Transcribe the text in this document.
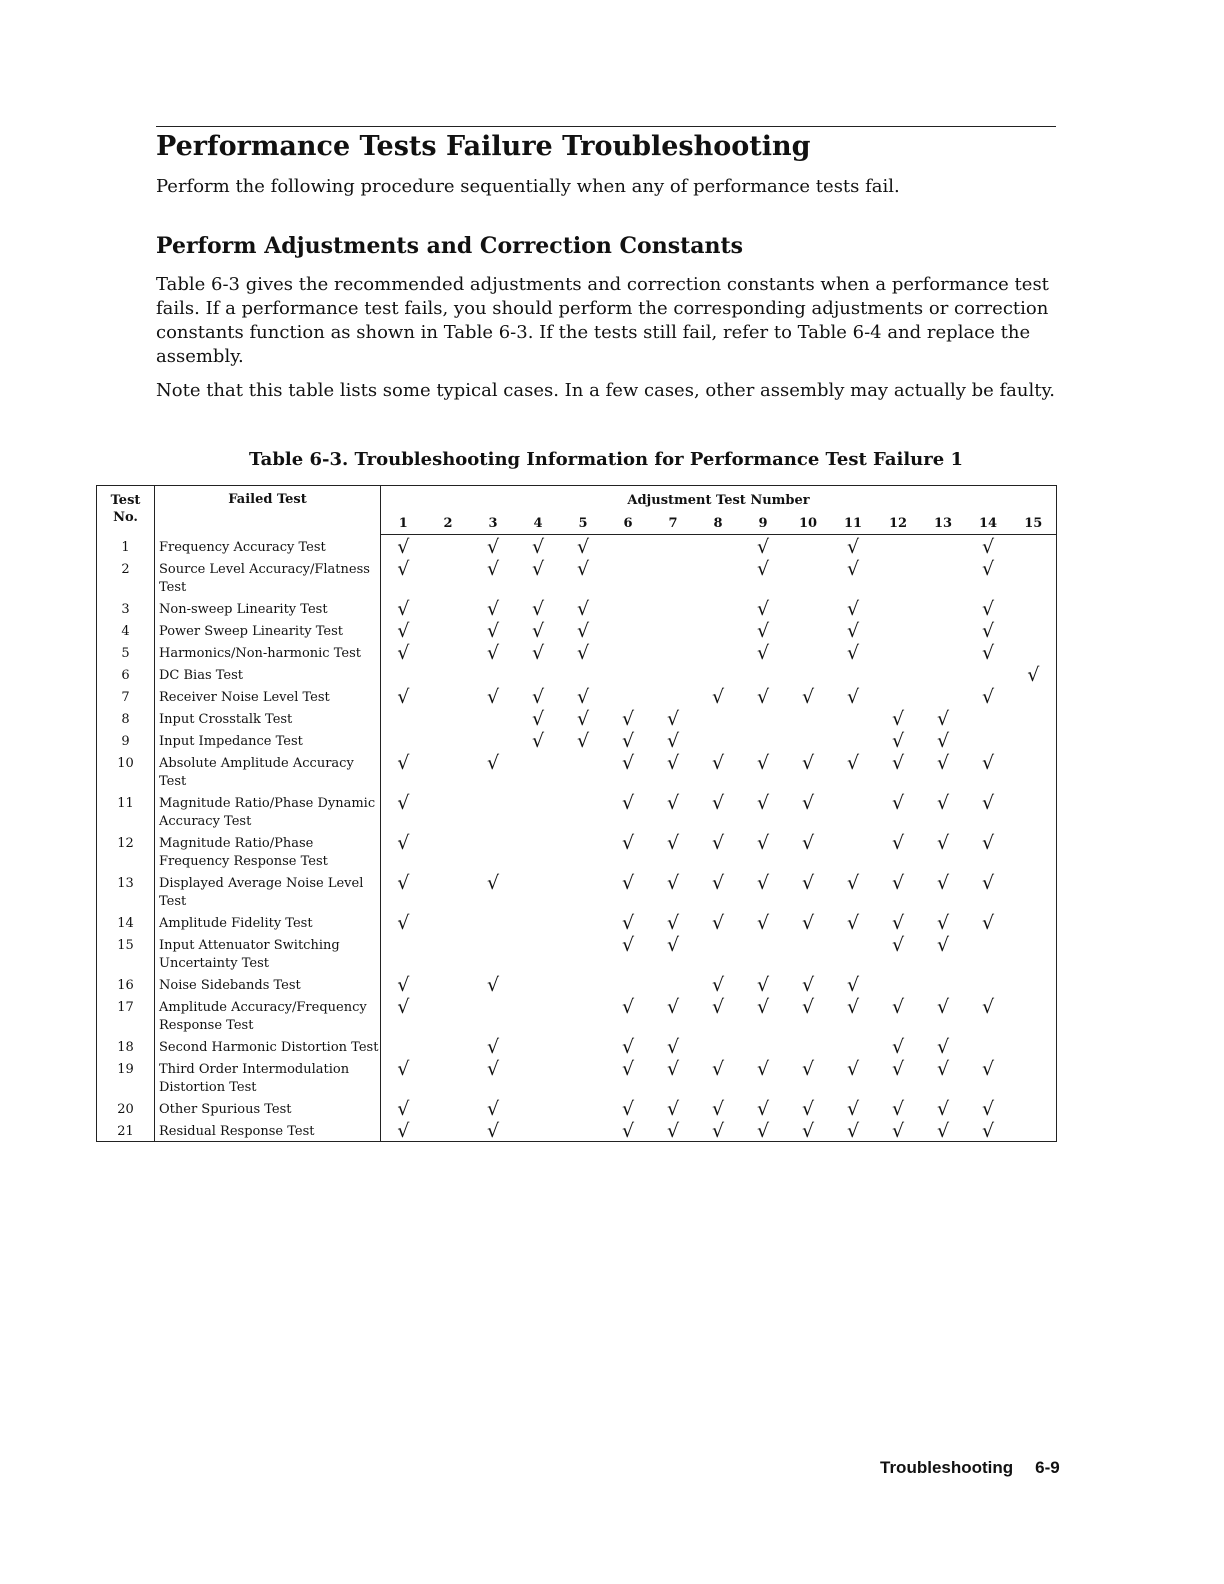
Performance Tests Failure Troubleshooting

Perform the following procedure sequentially when any of performance tests fail.

Perform Adjustments and Correction Constants

Table 6-3 gives the recommended adjustments and correction constants when a performance test fails. If a performance test fails, you should perform the corresponding adjustments or correction constants function as shown in Table 6-3. If the tests still fail, refer to Table 6-4 and replace the assembly.

Note that this table lists some typical cases. In a few cases, other assembly may actually be faulty.

Table 6-3. Troubleshooting Information for Performance Test Failure 1

Test No.	Failed Test	Adjustment Test Number														
		1	2	3	4	5	6	7	8	9	10	11	12	13	14	15
1	Frequency Accuracy Test	√		√	√	√				√		√			√	
2	Source Level Accuracy/Flatness Test	√		√	√	√				√		√			√	
3	Non-sweep Linearity Test	√		√	√	√				√		√			√	
4	Power Sweep Linearity Test	√		√	√	√				√		√			√	
5	Harmonics/Non-harmonic Test	√		√	√	√				√		√			√	
6	DC Bias Test															√
7	Receiver Noise Level Test	√		√	√	√			√	√	√	√			√	
8	Input Crosstalk Test				√	√	√	√					√	√		
9	Input Impedance Test				√	√	√	√					√	√		
10	Absolute Amplitude Accuracy Test	√		√			√	√	√	√	√	√	√	√	√	
11	Magnitude Ratio/Phase Dynamic Accuracy Test	√					√	√	√	√	√		√	√	√	
12	Magnitude Ratio/Phase Frequency Response Test	√					√	√	√	√	√		√	√	√	
13	Displayed Average Noise Level Test	√		√			√	√	√	√	√	√	√	√	√	
14	Amplitude Fidelity Test	√					√	√	√	√	√	√	√	√	√	
15	Input Attenuator Switching Uncertainty Test						√	√					√	√		
16	Noise Sidebands Test	√		√					√	√	√	√				
17	Amplitude Accuracy/Frequency Response Test	√					√	√	√	√	√	√	√	√	√	
18	Second Harmonic Distortion Test			√			√	√					√	√		
19	Third Order Intermodulation Distortion Test	√		√			√	√	√	√	√	√	√	√	√	
20	Other Spurious Test	√		√			√	√	√	√	√	√	√	√	√	
21	Residual Response Test	√		√			√	√	√	√	√	√	√	√	√	

Troubleshooting 6-9
